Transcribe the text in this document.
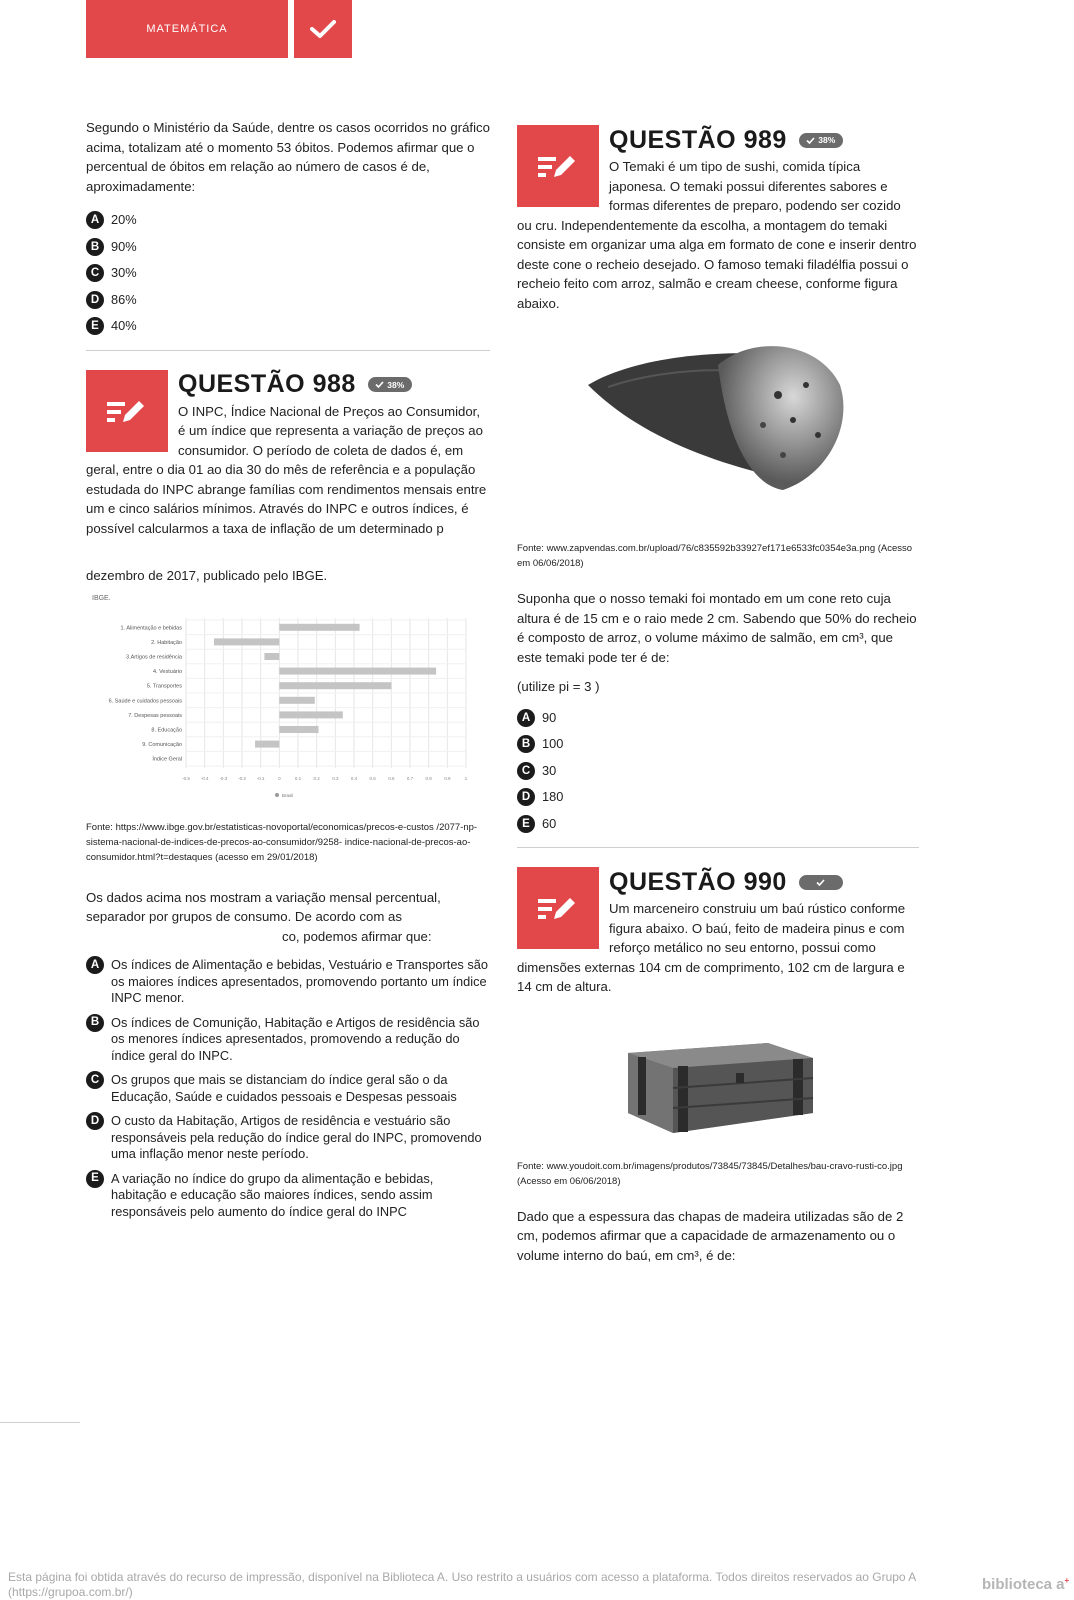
MATEMÁTICA

Segundo o Ministério da Saúde, dentre os casos ocorridos no gráfico acima, totalizam até o momento 53 óbitos. Podemos afirmar que o percentual de óbitos em relação ao número de casos é de, aproximadamente:

A 20%
B 90%
C 30%
D 86%
E 40%
QUESTÃO 988	38%

O INPC, Índice Nacional de Preços ao Consumidor, é um índice que representa a variação de preços ao consumidor. O período de coleta de dados é, em geral, entre o dia 01 ao dia 30 do mês de referência e a população estudada do INPC abrange famílias com rendimentos mensais entre um e cinco salários mínimos. Através do INPC e outros índices, é possível calcularmos a taxa de inflação de um determinado p

dezembro de 2017, publicado pelo IBGE.

IBGE.
-0.5 -0.4 -0.3 -0.2 -0.1	0	0.1	0.2	0.3	0.4	0.5	0.6	0.7	0.8	0.9	1
1. Alimentação e bebidas
2. Habitação
3.Artigos de residência
4. Vestuário
5. Transportes
6. Saúde e cuidados pessoais
7. Despesas pessoais
8. Educação
9. Comunicação
Índice Geral
Brasil

Fonte: https://www.ibge.gov.br/estatisticas-novoportal/economicas/precos-e-custos /2077-np-sistema-nacional-de-indices-de-precos-ao-consumidor/9258- indice-nacional-de-precos-ao-consumidor.html?t=destaques (acesso em 29/01/2018)

Os dados acima nos mostram a variação mensal percentual, separador por grupos de consumo. De acordo com as

co, podemos afirmar que:

A Os índices de Alimentação e bebidas, Vestuário e Transportes são os maiores índices apresentados, promovendo portanto um índice INPC menor.
B Os índices de Comunição, Habitação e Artigos de residência são os menores índices apresentados, promovendo a redução do índice geral do INPC.
C Os grupos que mais se distanciam do índice geral são o da Educação, Saúde e cuidados pessoais e Despesas pessoais
D O custo da Habitação, Artigos de residência e vestuário são responsáveis pela redução do índice geral do INPC, promovendo uma inflação menor neste período.
E A variação no índice do grupo da alimentação e bebidas, habitação e educação são maiores índices, sendo assim responsáveis pelo aumento do índice geral do INPC
QUESTÃO 989	38%

O Temaki é um tipo de sushi, comida típica japonesa. O temaki possui diferentes sabores e formas diferentes de preparo, podendo ser cozido ou cru. Independentemente da escolha, a montagem do temaki consiste em organizar uma alga em formato de cone e inserir dentro deste cone o recheio desejado. O famoso temaki filadélfia possui o recheio feito com arroz, salmão e cream cheese, conforme figura abaixo.

Fonte: www.zapvendas.com.br/upload/76/c835592b33927ef171e6533fc0354e3a.png (Acesso em 06/06/2018)

Suponha que o nosso temaki foi montado em um cone reto cuja altura é de 15 cm e o raio mede 2 cm. Sabendo que 50% do recheio é composto de arroz, o volume máximo de salmão, em cm³, que este temaki pode ter é de:

(utilize pi = 3 )

A 90
B 100
C 30
D 180
E 60
QUESTÃO 990

Um marceneiro construiu um baú rústico conforme figura abaixo. O baú, feito de madeira pinus e com reforço metálico no seu entorno, possui como dimensões externas 104 cm de comprimento, 102 cm de largura e 14 cm de altura.

Fonte: www.youdoit.com.br/imagens/produtos/73845/73845/Detalhes/bau-cravo-rusti-co.jpg (Acesso em 06/06/2018)

Dado que a espessura das chapas de madeira utilizadas são de 2 cm, podemos afirmar que a capacidade de armazenamento ou o volume interno do baú, em cm³, é de:

Esta página foi obtida através do recurso de impressão, disponível na Biblioteca A. Uso restrito a usuários com acesso a plataforma. Todos direitos reservados ao Grupo A (https://grupoa.com.br/)	biblioteca a+
